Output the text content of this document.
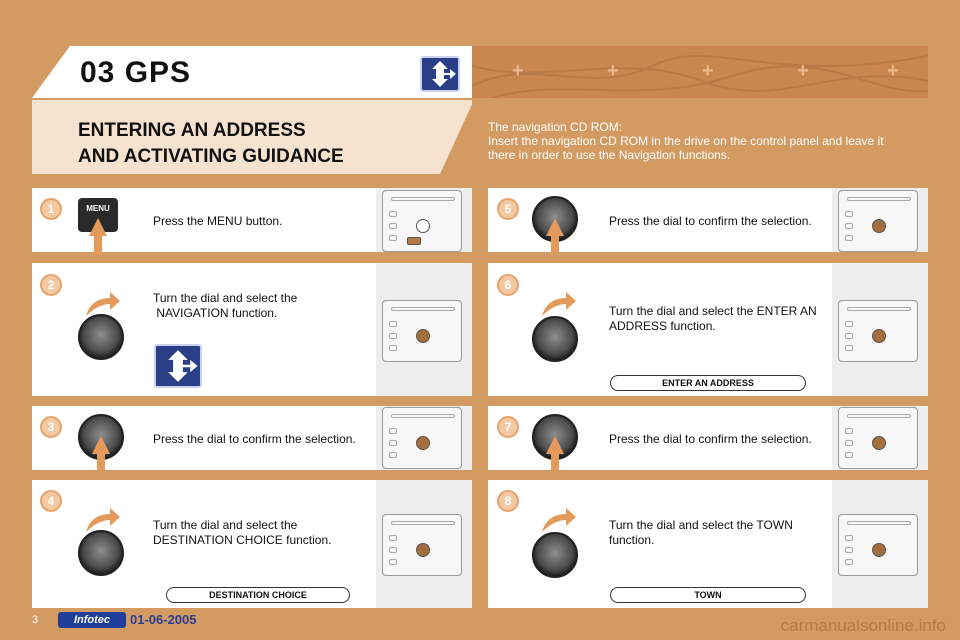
03 GPS	+	+	+	+	+
ENTERING AN ADDRESS
AND ACTIVATING GUIDANCE
The navigation CD ROM:
Insert the navigation CD ROM in the drive on the control panel and leave it
there in order to use the Navigation functions.
1	MENU
Press the MENU button.
2
Turn the dial and select the
NAVIGATION function.
3
Press the dial to confirm the selection.
4
Turn the dial and select the
DESTINATION CHOICE function.
DESTINATION CHOICE
5
Press the dial to confirm the selection.
6
Turn the dial and select the ENTER AN
ADDRESS function.
ENTER AN ADDRESS
7
Press the dial to confirm the selection.
8
Turn the dial and select the TOWN
function.
TOWN
3	Infotec	01-06-2005	carmanualsonline.info
